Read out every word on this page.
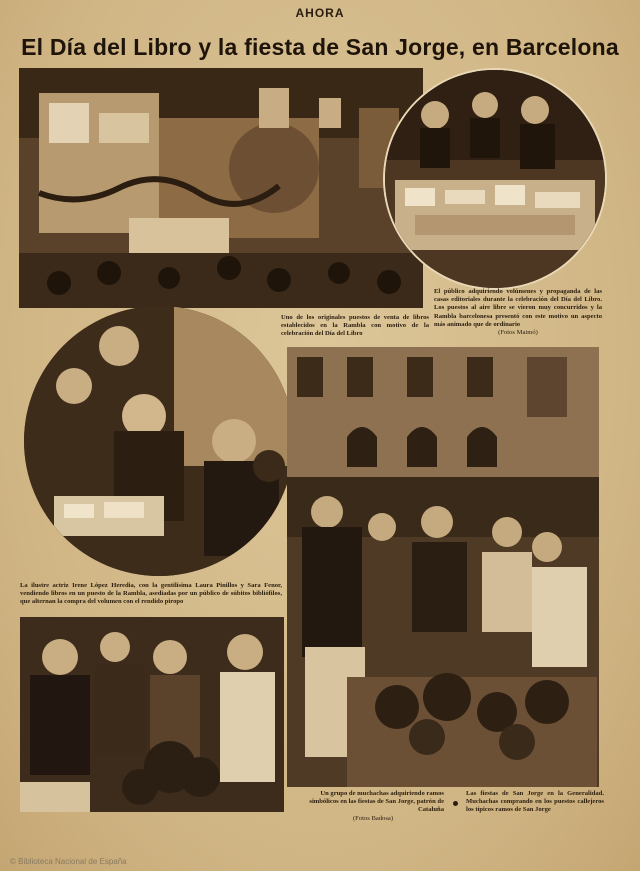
AHORA
El Día del Libro y la fiesta de San Jorge, en Barcelona
Uno de los originales puestos de venta de libros establecidos en la Rambla con motivo de la celebración del Día del Libro
El público adquiriendo volúmenes y propaganda de las casas editoriales durante la celebración del Día del Libro. Los puestos al aire libre se vieron muy concurridos y la Rambla barcelonesa presentó con este motivo un aspecto más animado que de ordinario
(Fotos Maimó)
La ilustre actriz Irene López Heredia, con la gentilísima Laura Pinillos y Sara Fenor, vendiendo libros en un puesto de la Rambla, asediadas por un público de súbitos bibliófilos, que alternan la compra del volumen con el rendido piropo
Un grupo de muchachas adquiriendo ramos simbólicos en las fiestas de San Jorge, patrón de Cataluña
(Fotos Badosa)
Las fiestas de San Jorge en la Generalidad. Muchachas comprando en los puestos callejeros los típicos ramos de San Jorge
© Biblioteca Nacional de España
